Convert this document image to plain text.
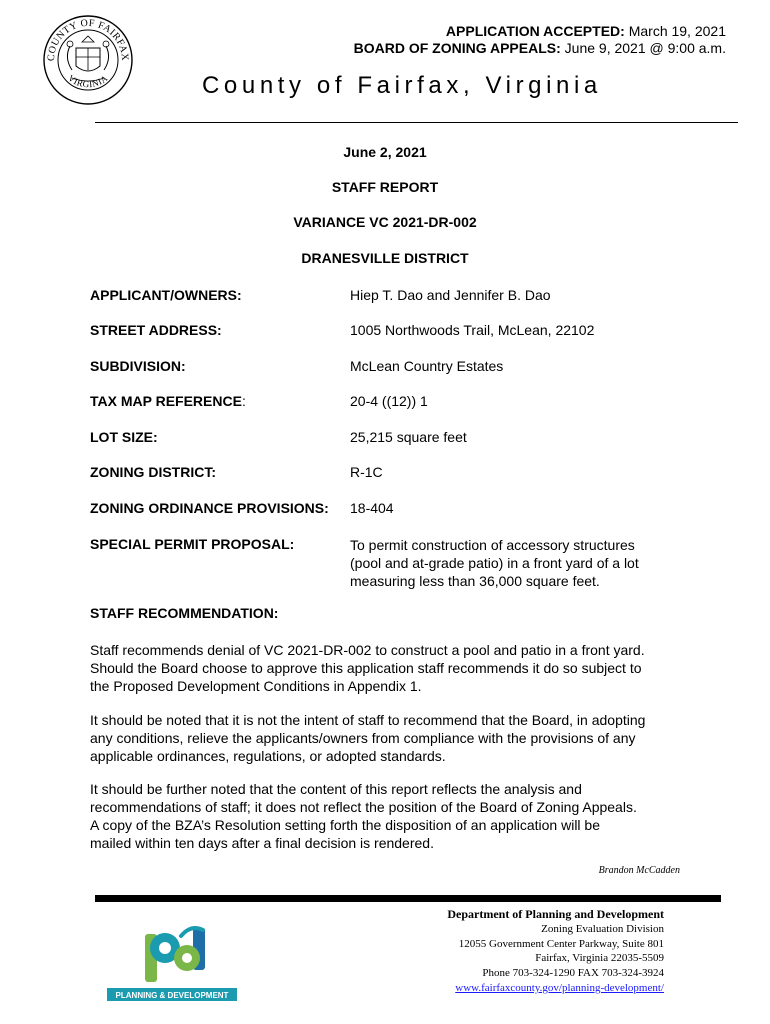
COUNTY OF FAIRFAX
VIRGINIA
APPLICATION ACCEPTED: March 19, 2021
BOARD OF ZONING APPEALS: June 9, 2021 @ 9:00 a.m.
County of Fairfax, Virginia
June 2, 2021
STAFF REPORT
VARIANCE VC 2021-DR-002
DRANESVILLE DISTRICT
APPLICANT/OWNERS:	Hiep T. Dao and Jennifer B. Dao
STREET ADDRESS:	1005 Northwoods Trail, McLean, 22102
SUBDIVISION:	McLean Country Estates
TAX MAP REFERENCE:	20-4 ((12)) 1
LOT SIZE:	25,215 square feet
ZONING DISTRICT:	R-1C
ZONING ORDINANCE PROVISIONS: 18-404
SPECIAL PERMIT PROPOSAL:	To permit construction of accessory structures
(pool and at-grade patio) in a front yard of a lot
measuring less than 36,000 square feet.
STAFF RECOMMENDATION:
Staff recommends denial of VC 2021-DR-002 to construct a pool and patio in a front yard.
Should the Board choose to approve this application staff recommends it do so subject to
the Proposed Development Conditions in Appendix 1.
It should be noted that it is not the intent of staff to recommend that the Board, in adopting
any conditions, relieve the applicants/owners from compliance with the provisions of any
applicable ordinances, regulations, or adopted standards.
It should be further noted that the content of this report reflects the analysis and
recommendations of staff; it does not reflect the position of the Board of Zoning Appeals.
A copy of the BZA’s Resolution setting forth the disposition of an application will be
mailed within ten days after a final decision is rendered.
Brandon McCadden
PLANNING & DEVELOPMENT
Department of Planning and Development
Zoning Evaluation Division
12055 Government Center Parkway, Suite 801
Fairfax, Virginia 22035-5509
Phone 703-324-1290 FAX 703-324-3924
www.fairfaxcounty.gov/planning-development/
